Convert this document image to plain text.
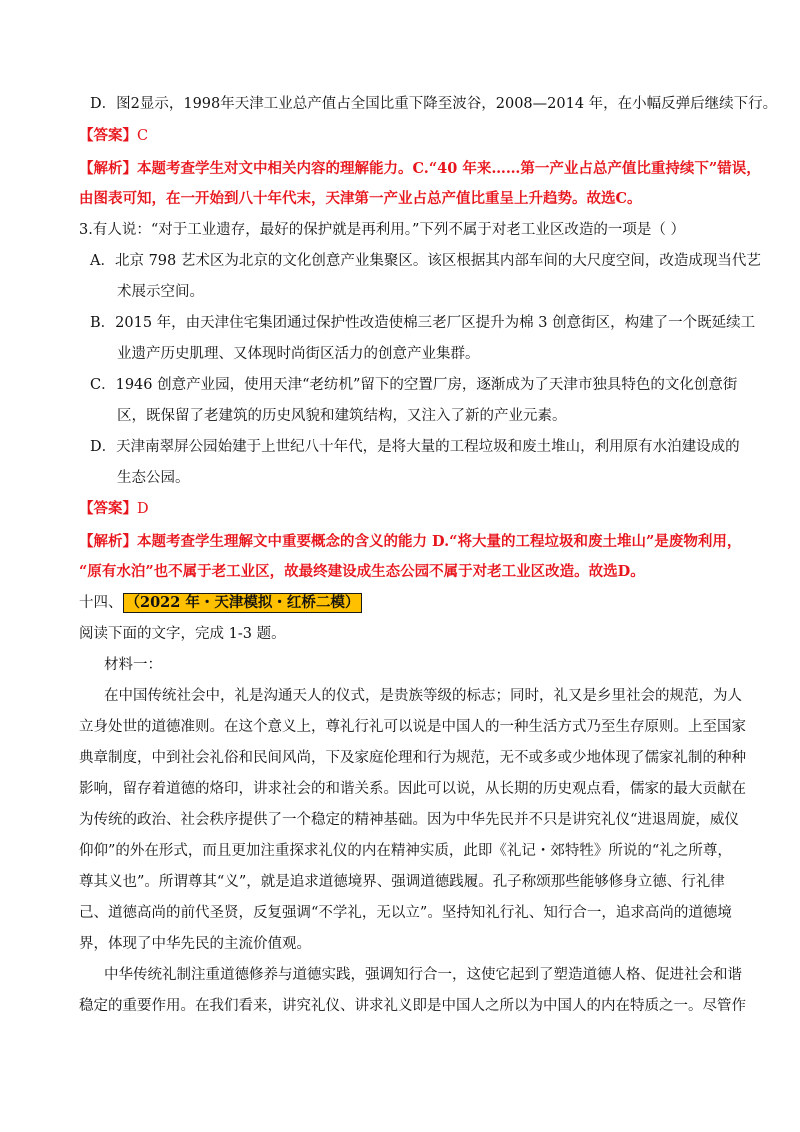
D．图2显示，1998年天津工业总产值占全国比重下降至波谷，2008—2014 年，在小幅反弹后继续下行。
【答案】C
【解析】本题考查学生对文中相关内容的理解能力。C.“40 年来……第一产业占总产值比重持续下”错误，
由图表可知，在一开始到八十年代末，天津第一产业占总产值比重呈上升趋势。故选C。
3.有人说：“对于工业遗存，最好的保护就是再利用。”下列不属于对老工业区改造的一项是（ ）
A．北京 798 艺术区为北京的文化创意产业集聚区。该区根据其内部车间的大尺度空间，改造成现当代艺
术展示空间。
B．2015 年，由天津住宅集团通过保护性改造使棉三老厂区提升为棉 3 创意街区，构建了一个既延续工
业遗产历史肌理、又体现时尚街区活力的创意产业集群。
C．1946 创意产业园，使用天津“老纺机”留下的空置厂房，逐渐成为了天津市独具特色的文化创意街
区，既保留了老建筑的历史风貌和建筑结构，又注入了新的产业元素。
D．天津南翠屏公园始建于上世纪八十年代，是将大量的工程垃圾和废土堆山，利用原有水泊建设成的
生态公园。
【答案】D
【解析】本题考查学生理解文中重要概念的含义的能力 D.“将大量的工程垃圾和废土堆山”是废物利用，
“原有水泊”也不属于老工业区，故最终建设成生态公园不属于对老工业区改造。故选D。
十四、 （2022 年・天津模拟・红桥二模）
阅读下面的文字，完成 1-3 题。
材料一：
在中国传统社会中，礼是沟通天人的仪式，是贵族等级的标志；同时，礼又是乡里社会的规范，为人
立身处世的道德准则。在这个意义上，尊礼行礼可以说是中国人的一种生活方式乃至生存原则。上至国家
典章制度，中到社会礼俗和民间风尚，下及家庭伦理和行为规范，无不或多或少地体现了儒家礼制的种种
影响，留存着道德的烙印，讲求社会的和谐关系。因此可以说，从长期的历史观点看，儒家的最大贡献在
为传统的政治、社会秩序提供了一个稳定的精神基础。因为中华先民并不只是讲究礼仪“进退周旋，威仪
仰仰”的外在形式，而且更加注重探求礼仪的内在精神实质，此即《礼记・郊特牲》所说的“礼之所尊，
尊其义也”。所谓尊其“义”，就是追求道德境界、强调道德践履。孔子称颂那些能够修身立德、行礼律
己、道德高尚的前代圣贤，反复强调“不学礼，无以立”。坚持知礼行礼、知行合一，追求高尚的道德境
界，体现了中华先民的主流价值观。
中华传统礼制注重道德修养与道德实践，强调知行合一，这使它起到了塑造道德人格、促进社会和谐
稳定的重要作用。在我们看来，讲究礼仪、讲求礼义即是中国人之所以为中国人的内在特质之一。尽管作
